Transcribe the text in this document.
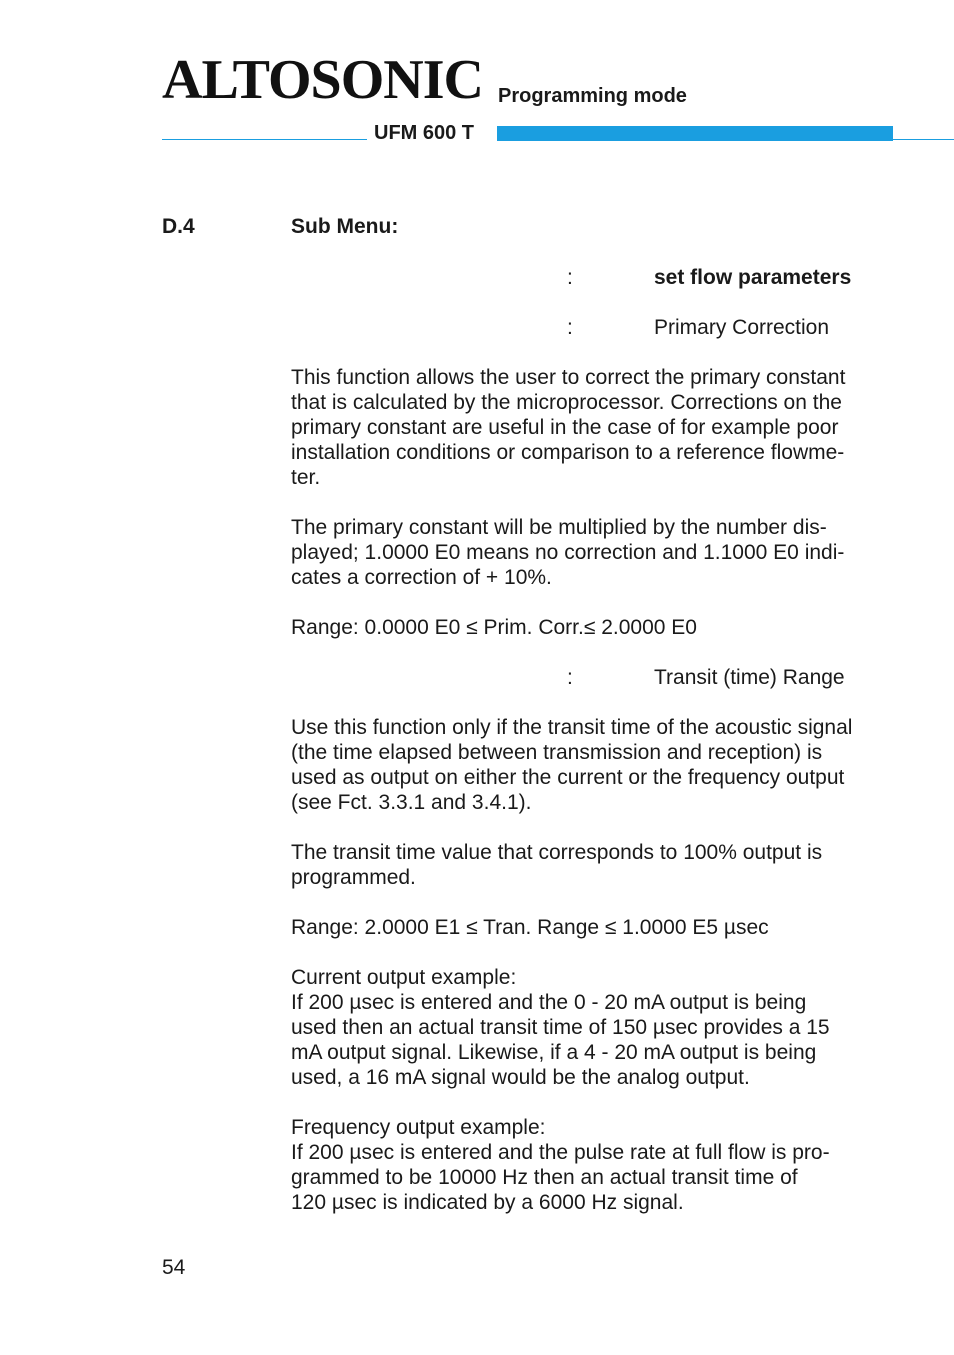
ALTOSONIC Programming mode
UFM 600 T
D.4	Sub Menu:
:	set flow parameters
:	Primary Correction
This function allows the user to correct the primary constant
that is calculated by the microprocessor. Corrections on the
primary constant are useful in the case of for example poor
installation conditions or comparison to a reference flowme-
ter.
The primary constant will be multiplied by the number dis-
played; 1.0000 E0 means no correction and 1.1000 E0 indi-
cates a correction of + 10%.
Range: 0.0000 E0 ≤ Prim. Corr.≤ 2.0000 E0
:	Transit (time) Range
Use this function only if the transit time of the acoustic signal
(the time elapsed between transmission and reception) is
used as output on either the current or the frequency output
(see Fct. 3.3.1 and 3.4.1).
The transit time value that corresponds to 100% output is
programmed.
Range: 2.0000 E1 ≤ Tran. Range ≤ 1.0000 E5 µsec
Current output example:
If 200 µsec is entered and the 0 - 20 mA output is being
used then an actual transit time of 150 µsec provides a 15
mA output signal. Likewise, if a 4 - 20 mA output is being
used, a 16 mA signal would be the analog output.
Frequency output example:
If 200 µsec is entered and the pulse rate at full flow is pro-
grammed to be 10000 Hz then an actual transit time of
120 µsec is indicated by a 6000 Hz signal.
54
